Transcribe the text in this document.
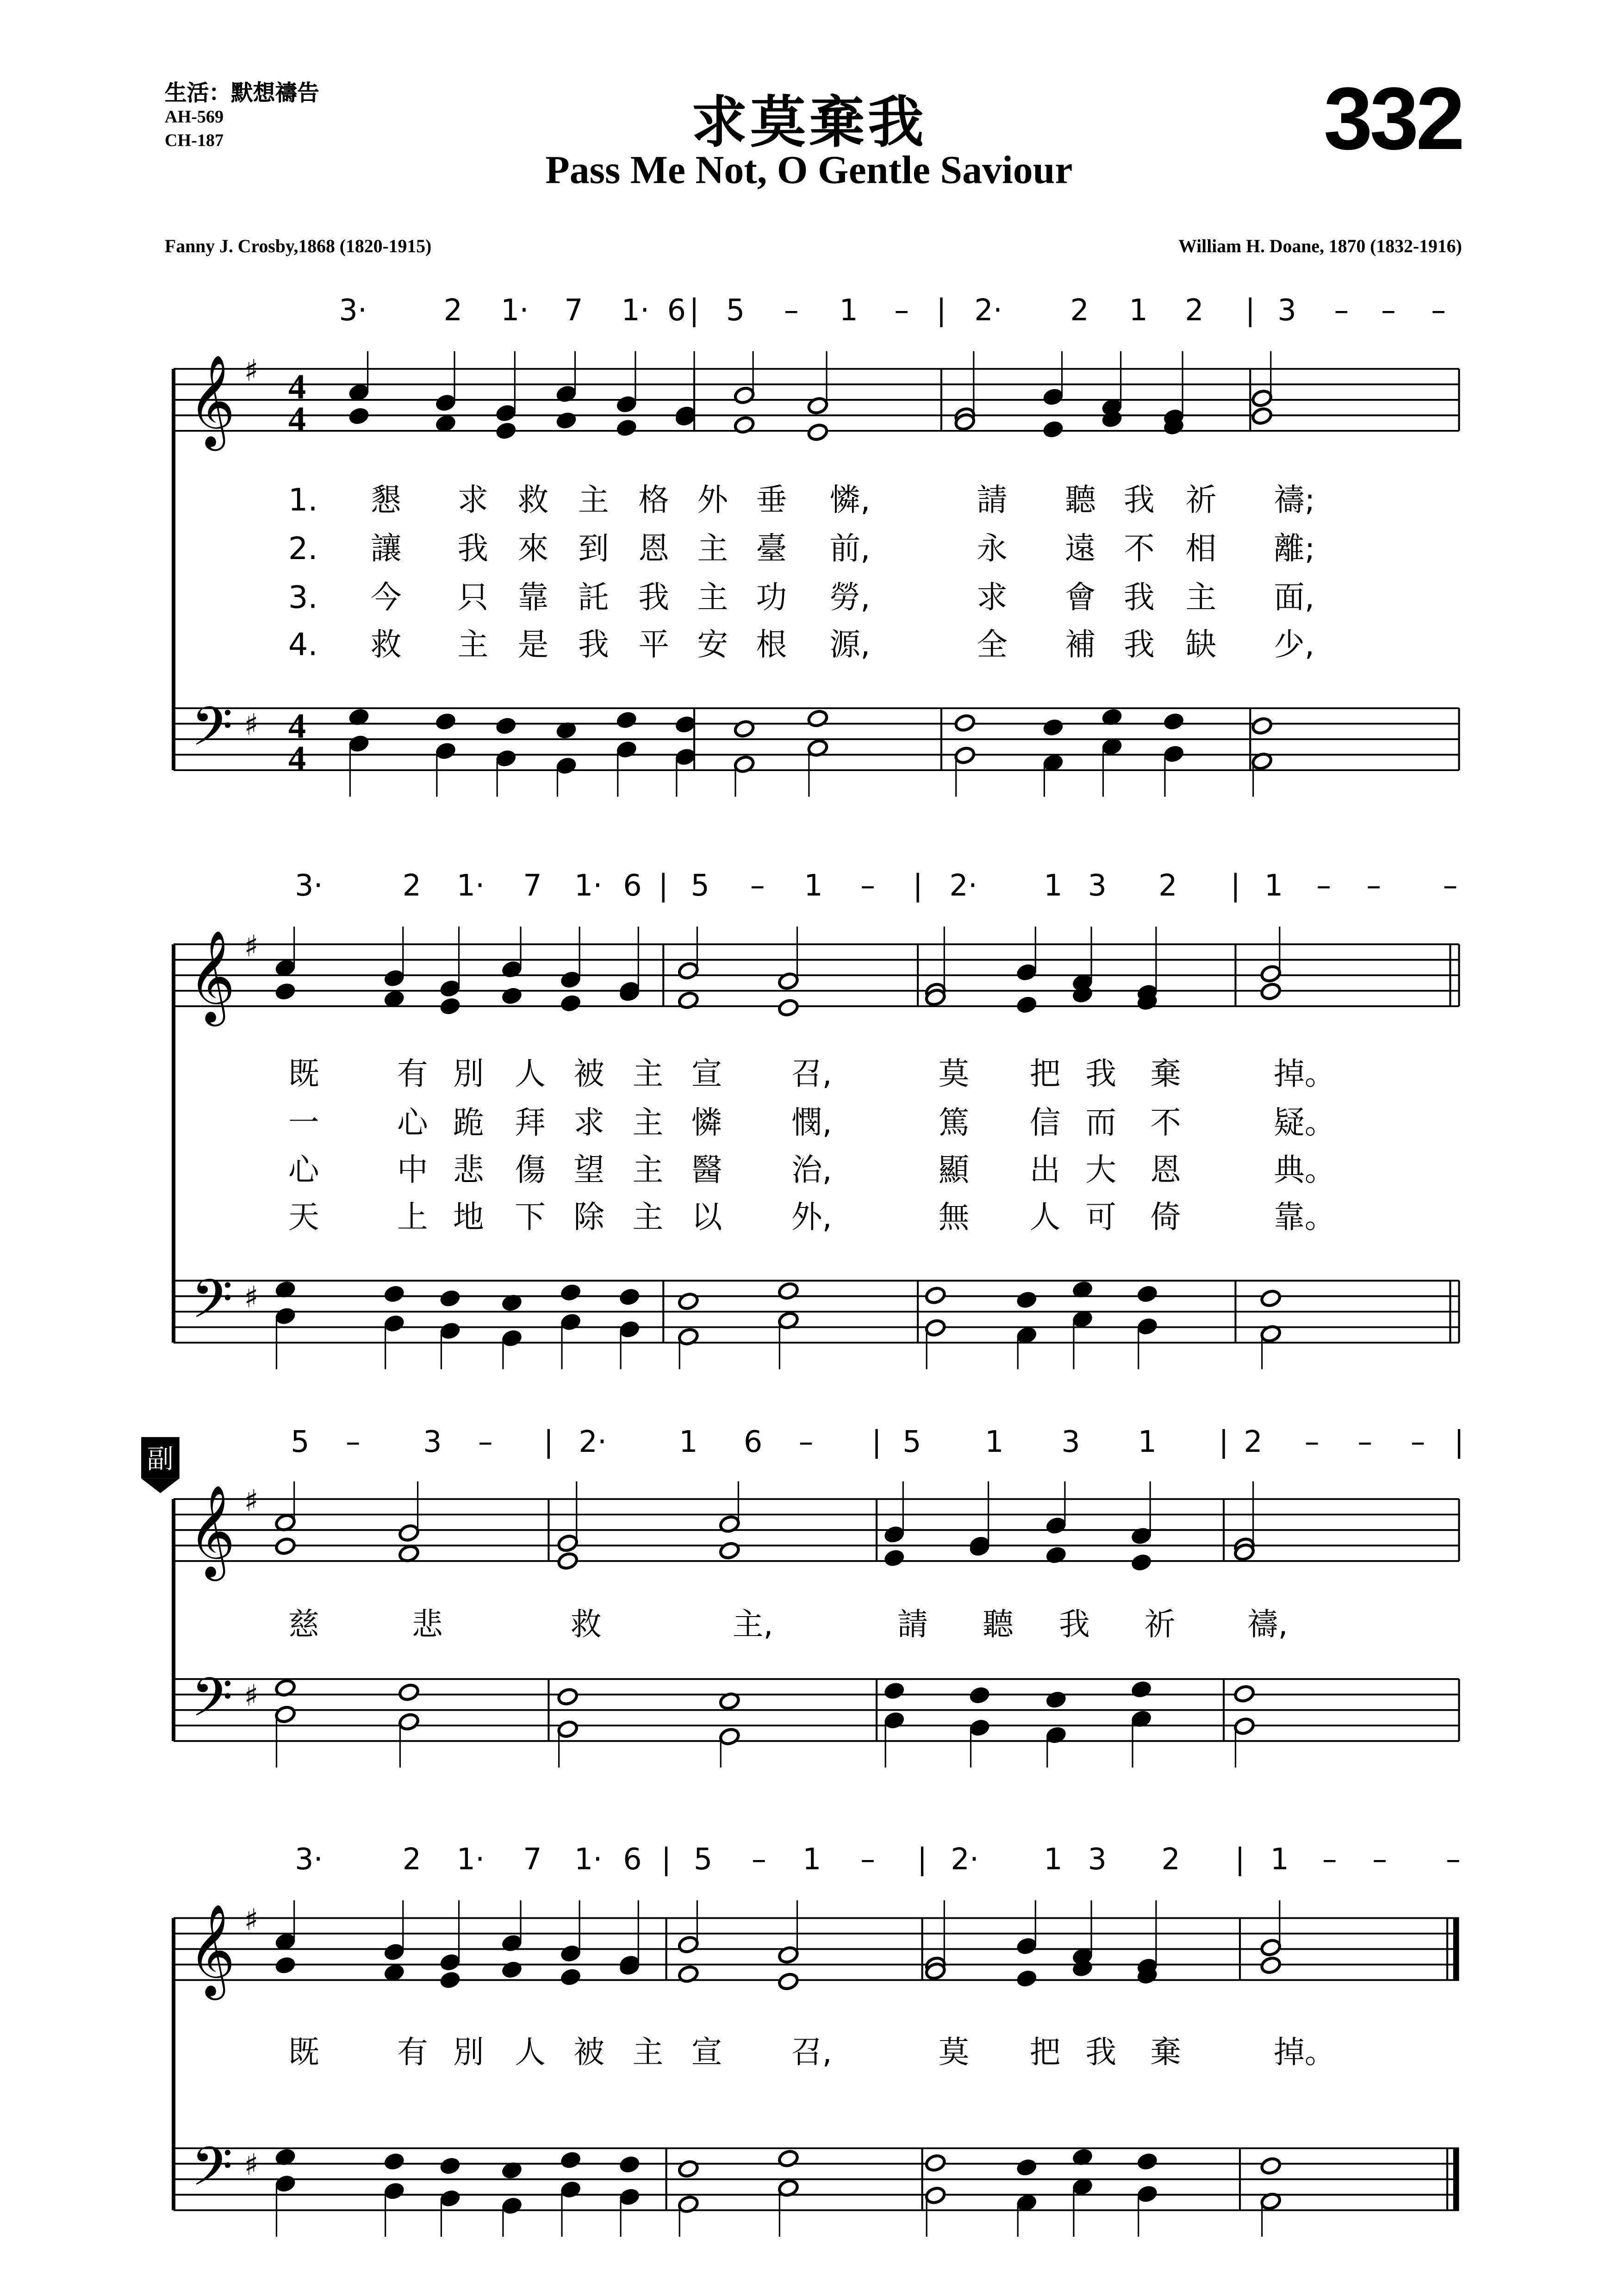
生活：默想禱告
AH-569
CH-187	求莫棄我
Pass Me Not, O Gentle Saviour
332
Fanny J. Crosby,1868 (1820-1915)	William H. Doane, 1870 (1832-1916)
𝄞
𝄢
♯
♯
4
4
4
4
3·	2	1·	7	1· 6 |	5	–	1	–	|	2·	2	1	2	| 3	–	–	–
1.	懇	求	救	主	格	外	垂	憐,	請	聽	我	祈	禱;
2.	讓	我	來	到	恩	主	臺	前,	永	遠	不	相	離;
3.	今	只	靠	託	我	主	功	勞,	求	會	我	主	面,
4.	救	主	是	我	平	安	根	源,	全	補	我	缺	少,
𝄞
𝄢
♯
♯
3·	2	1·	7	1· 6 | 5	–	1	–	|	2·	1	3	2	|	1	–	–	–
既	有	別	人	被	主	宣	召,	莫	把	我	棄	掉。
一	心	跪	拜	求	主	憐	憫,	篤	信	而	不	疑。
心	中	悲	傷	望	主	醫	治,	顯	出	大	恩	典。
天	上	地	下	除	主	以	外,	無	人	可	倚	靠。
𝄞
𝄢
♯
♯
5	–	3	–	|	2·	1	6	–	| 5	1	3	1	| 2	–	–	–	|
慈	悲	救	主,	請	聽	我	祈	禱,
副
𝄞
𝄢
♯
♯
3·	2	1·	7	1· 6 | 5	–	1	–	|	2·	1	3	2	|	1	–	–	–
既	有	別	人	被	主	宣	召,	莫	把	我	棄	掉。
